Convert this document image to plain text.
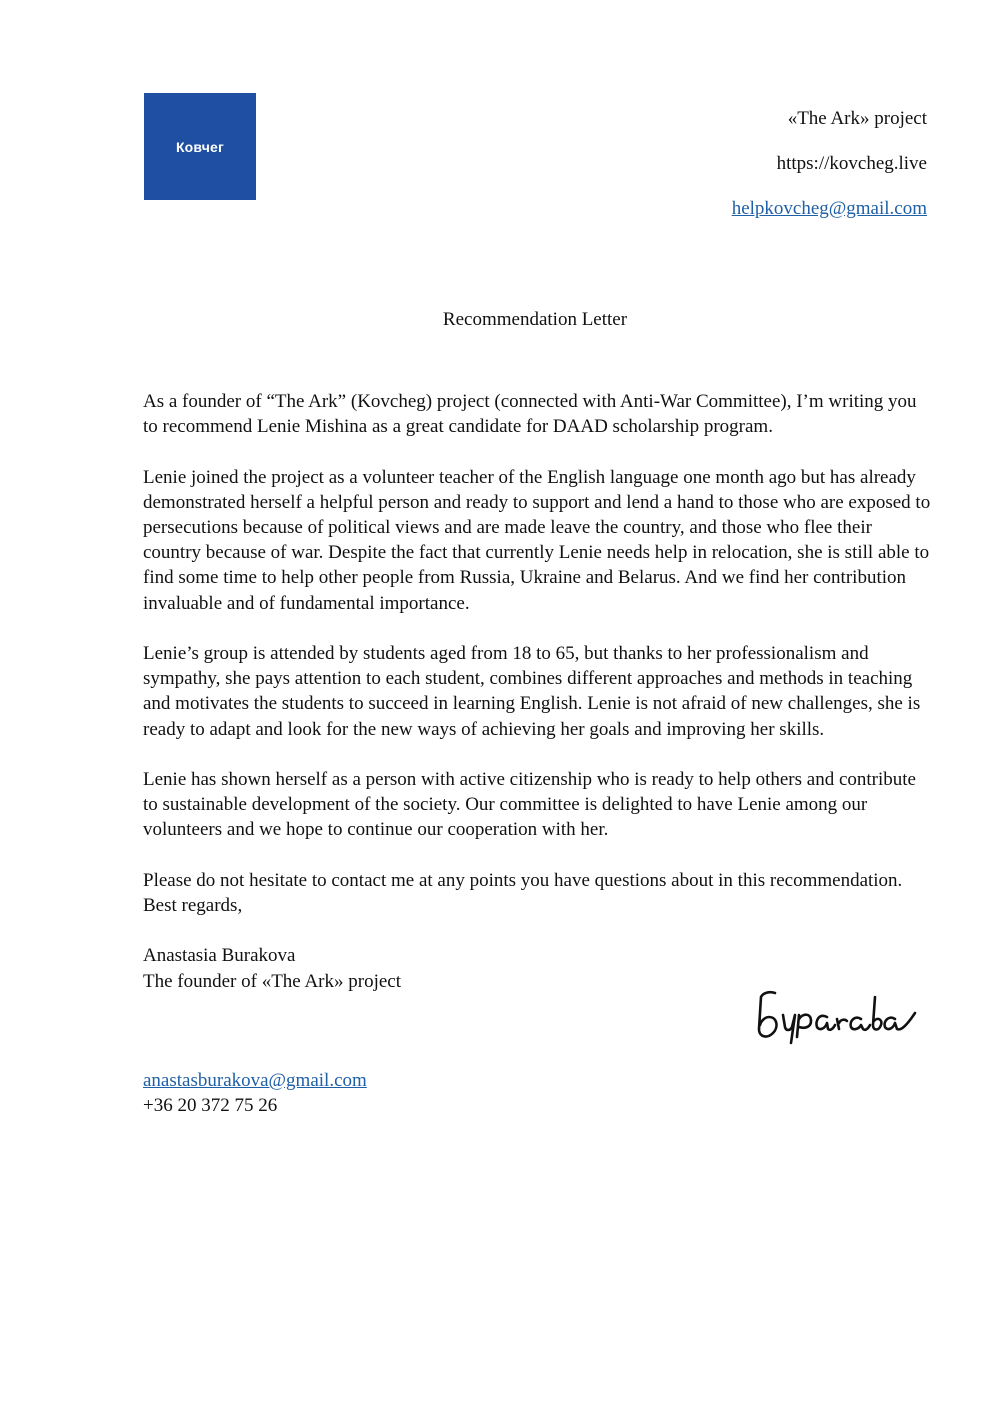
Ковчег
«The Ark» project
https://kovcheg.live
helpkovcheg@gmail.com
Recommendation Letter

As a founder of “The Ark” (Kovcheg) project (connected with Anti-War Committee), I’m writing you to recommend Lenie Mishina as a great candidate for DAAD scholarship program.

Lenie joined the project as a volunteer teacher of the English language one month ago but has already demonstrated herself a helpful person and ready to support and lend a hand to those who are exposed to persecutions because of political views and are made leave the country, and those who flee their country because of war. Despite the fact that currently Lenie needs help in relocation, she is still able to find some time to help other people from Russia, Ukraine and Belarus. And we find her contribution invaluable and of fundamental importance.

Lenie’s group is attended by students aged from 18 to 65, but thanks to her professionalism and sympathy, she pays attention to each student, combines different approaches and methods in teaching and motivates the students to succeed in learning English. Lenie is not afraid of new challenges, she is ready to adapt and look for the new ways of achieving her goals and improving her skills.

Lenie has shown herself as a person with active citizenship who is ready to help others and contribute to sustainable development of the society. Our committee is delighted to have Lenie among our volunteers and we hope to continue our cooperation with her.

Please do not hesitate to contact me at any points you have questions about in this recommendation.

Best regards,

Anastasia Burakova

The founder of «The Ark» project

anastasburakova@gmail.com
+36 20 372 75 26
